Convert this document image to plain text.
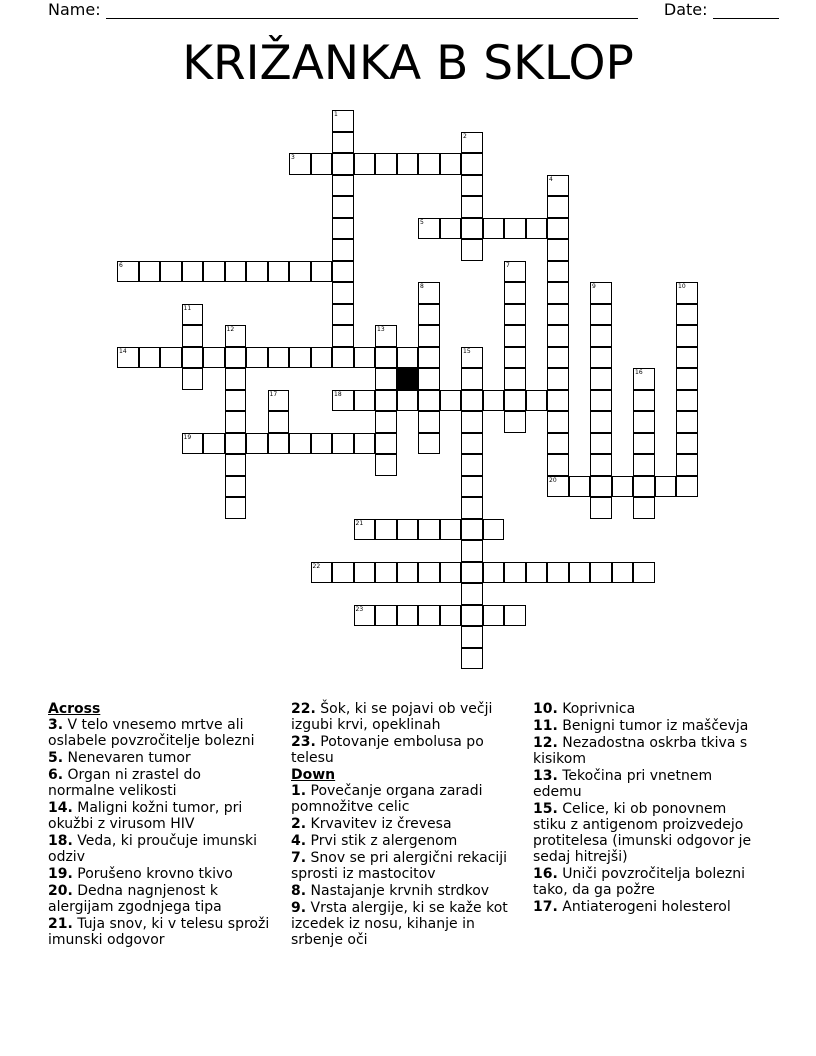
Name:	Date:
KRIŽANKA B SKLOP
1
2
3
4
5
6	7
8	9	10
11
12	13
14	15
16
17	18
19
20
21
22
23
Across
3. V telo vnesemo mrtve ali oslabele povzročitelje bolezni
5. Nenevaren tumor
6. Organ ni zrastel do normalne velikosti
14. Maligni kožni tumor, pri okužbi z virusom HIV
18. Veda, ki proučuje imunski odziv
19. Porušeno krovno tkivo
20. Dedna nagnjenost k alergijam zgodnjega tipa
21. Tuja snov, ki v telesu sproži imunski odgovor
22. Šok, ki se pojavi ob večji izgubi krvi, opeklinah
23. Potovanje embolusa po telesu
Down
1. Povečanje organa zaradi pomnožitve celic
2. Krvavitev iz črevesa
4. Prvi stik z alergenom
7. Snov se pri alergični rekaciji sprosti iz mastocitov
8. Nastajanje krvnih strdkov
9. Vrsta alergije, ki se kaže kot izcedek iz nosu, kihanje in srbenje oči
10. Koprivnica
11. Benigni tumor iz maščevja
12. Nezadostna oskrba tkiva s kisikom
13. Tekočina pri vnetnem edemu
15. Celice, ki ob ponovnem stiku z antigenom proizvedejo protitelesa (imunski odgovor je sedaj hitrejši)
16. Uniči povzročitelja bolezni tako, da ga požre
17. Antiaterogeni holesterol
